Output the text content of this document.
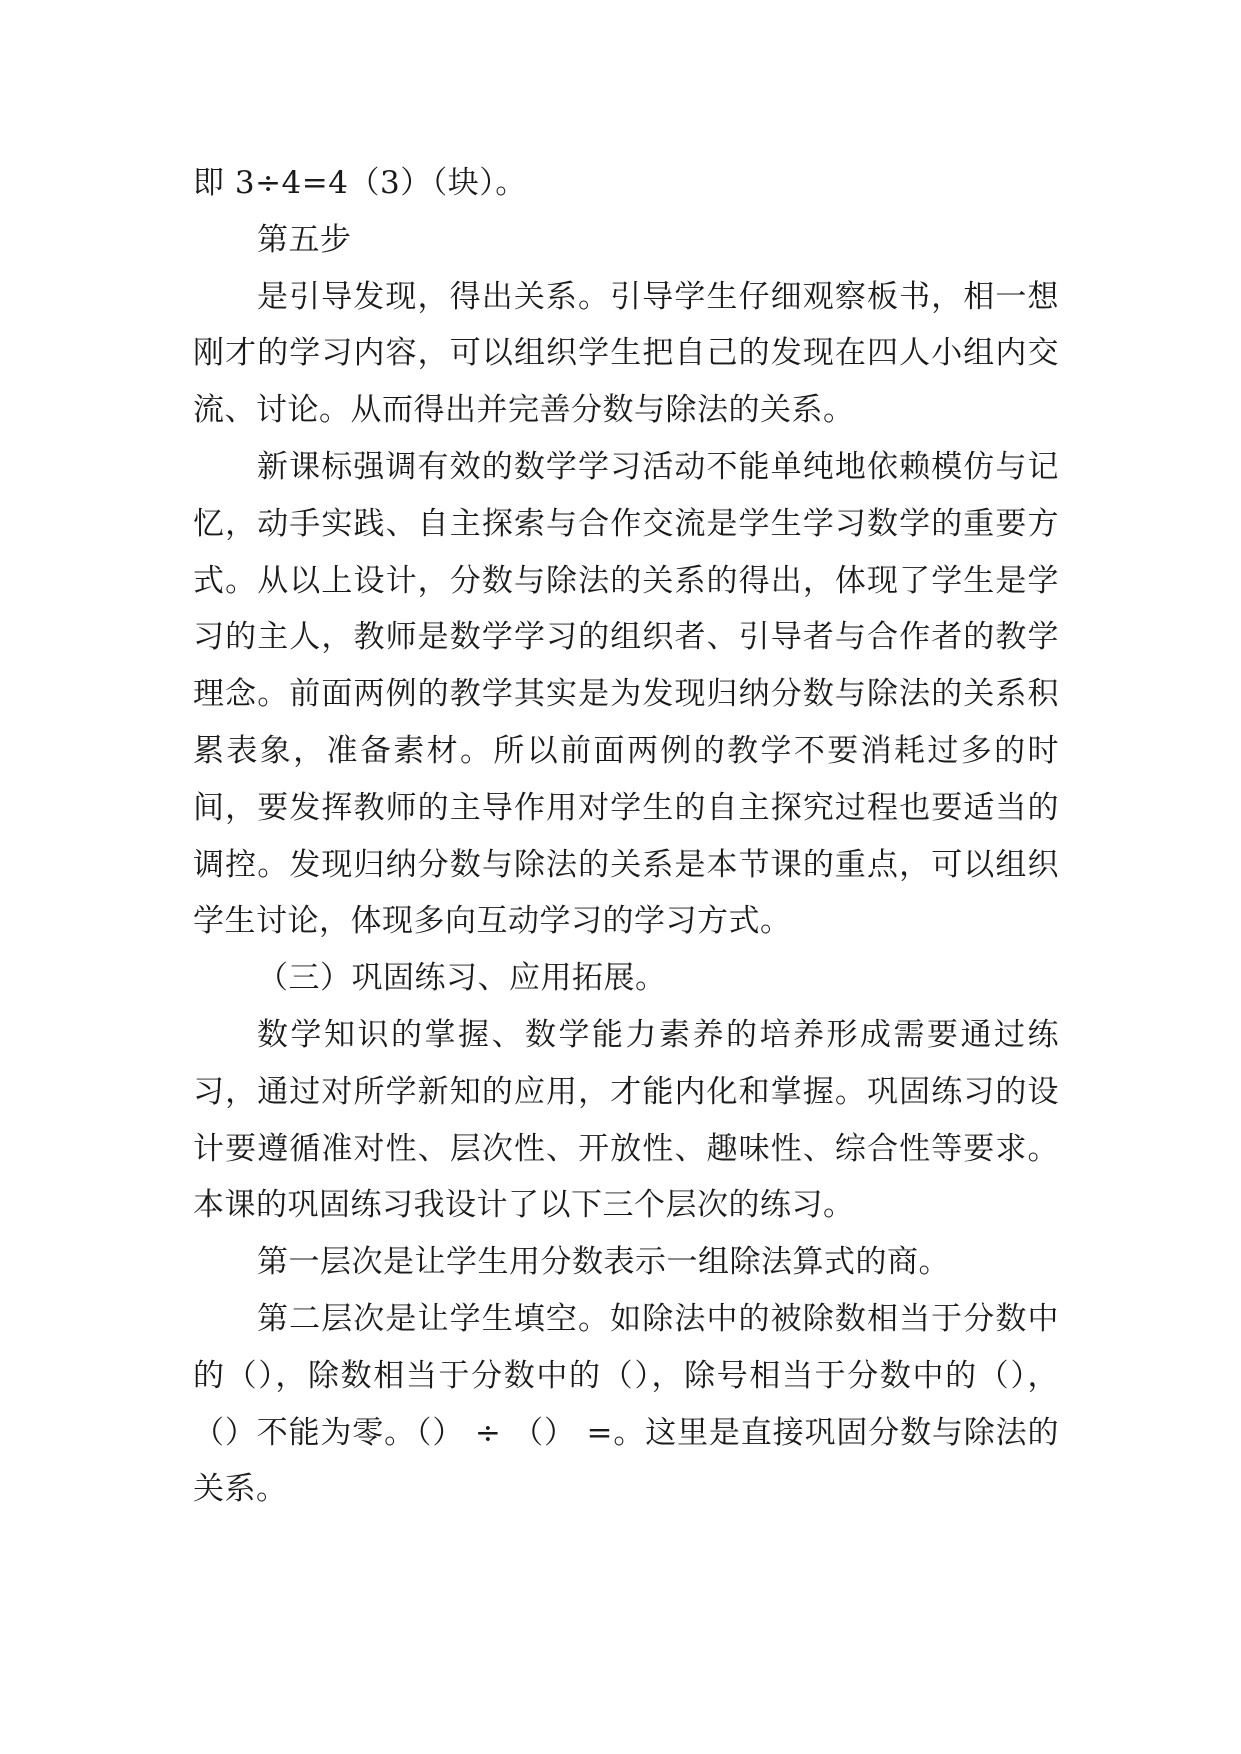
即 3÷4=4（3）（块）。

第五步

是引导发现，得出关系。引导学生仔细观察板书，相一想刚才的学习内容，可以组织学生把自己的发现在四人小组内交流、讨论。从而得出并完善分数与除法的关系。

新课标强调有效的数学学习活动不能单纯地依赖模仿与记忆，动手实践、自主探索与合作交流是学生学习数学的重要方式。从以上设计，分数与除法的关系的得出，体现了学生是学习的主人，教师是数学学习的组织者、引导者与合作者的教学理念。前面两例的教学其实是为发现归纳分数与除法的关系积累表象，准备素材。所以前面两例的教学不要消耗过多的时间，要发挥教师的主导作用对学生的自主探究过程也要适当的调控。发现归纳分数与除法的关系是本节课的重点，可以组织学生讨论，体现多向互动学习的学习方式。

（三）巩固练习、应用拓展。

数学知识的掌握、数学能力素养的培养形成需要通过练习，通过对所学新知的应用，才能内化和掌握。巩固练习的设计要遵循准对性、层次性、开放性、趣味性、综合性等要求。本课的巩固练习我设计了以下三个层次的练习。

第一层次是让学生用分数表示一组除法算式的商。

第二层次是让学生填空。如除法中的被除数相当于分数中的（），除数相当于分数中的（），除号相当于分数中的（），（）不能为零。（） ÷ （） =。这里是直接巩固分数与除法的关系。
